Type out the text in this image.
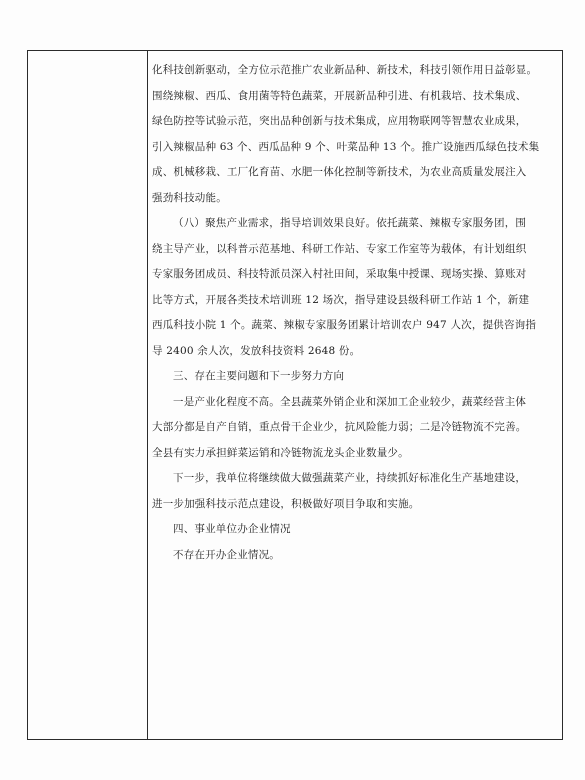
化科技创新驱动，全方位示范推广农业新品种、新技术，科技引领作用日益彰显。
围绕辣椒、西瓜、食用菌等特色蔬菜，开展新品种引进、有机栽培、技术集成、
绿色防控等试验示范，突出品种创新与技术集成，应用物联网等智慧农业成果，
引入辣椒品种 63 个、西瓜品种 9 个、叶菜品种 13 个。推广设施西瓜绿色技术集
成、机械移栽、工厂化育苗、水肥一体化控制等新技术，为农业高质量发展注入
强劲科技动能。
（八）聚焦产业需求，指导培训效果良好。依托蔬菜、辣椒专家服务团，围
绕主导产业，以科普示范基地、科研工作站、专家工作室等为载体，有计划组织
专家服务团成员、科技特派员深入村社田间，采取集中授课、现场实操、算账对
比等方式，开展各类技术培训班 12 场次，指导建设县级科研工作站 1 个，新建
西瓜科技小院 1 个。蔬菜、辣椒专家服务团累计培训农户 947 人次，提供咨询指
导 2400 余人次，发放科技资料 2648 份。
三、存在主要问题和下一步努力方向
一是产业化程度不高。全县蔬菜外销企业和深加工企业较少，蔬菜经营主体
大部分都是自产自销，重点骨干企业少，抗风险能力弱；二是冷链物流不完善。
全县有实力承担鲜菜运销和冷链物流龙头企业数量少。
下一步，我单位将继续做大做强蔬菜产业，持续抓好标准化生产基地建设，
进一步加强科技示范点建设，积极做好项目争取和实施。
四、事业单位办企业情况
不存在开办企业情况。
